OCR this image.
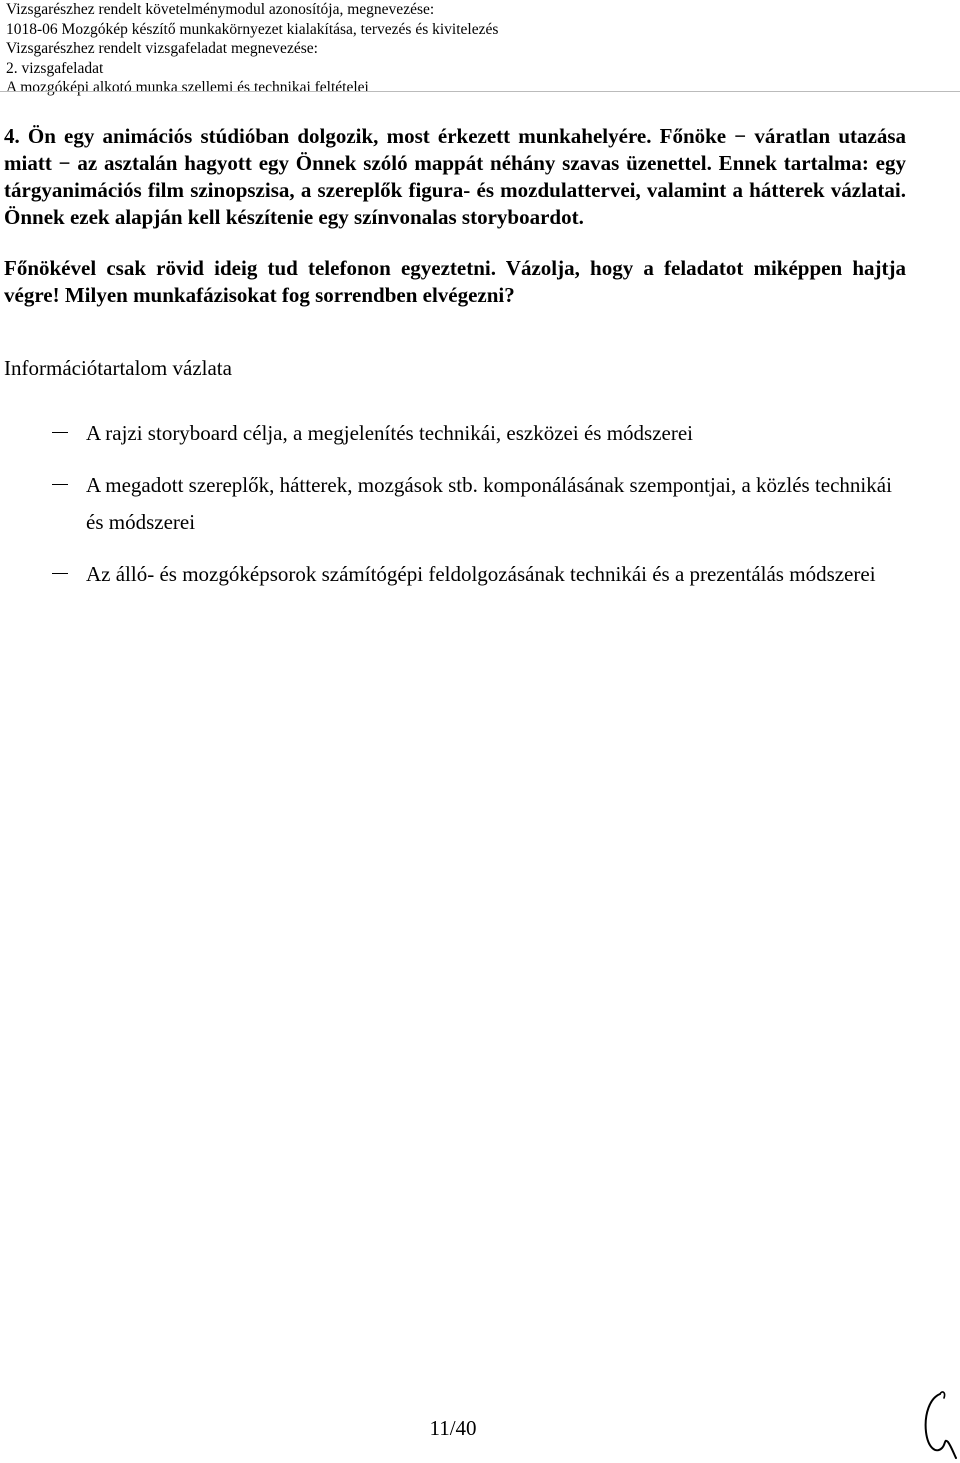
Vizsgarészhez rendelt követelménymodul azonosítója, megnevezése:
1018-06 Mozgókép készítő munkakörnyezet kialakítása, tervezés és kivitelezés
Vizsgarészhez rendelt vizsgafeladat megnevezése:
2. vizsgafeladat
A mozgóképi alkotó munka szellemi és technikai feltételei

4. Ön egy animációs stúdióban dolgozik, most érkezett munkahelyére. Főnöke − váratlan utazása miatt − az asztalán hagyott egy Önnek szóló mappát néhány szavas üzenettel. Ennek tartalma: egy tárgyanimációs film szinopszisa, a szereplők figura- és mozdulattervei, valamint a hátterek vázlatai. Önnek ezek alapján kell készítenie egy színvonalas storyboardot.

Főnökével csak rövid ideig tud telefonon egyeztetni. Vázolja, hogy a feladatot miképpen hajtja végre! Milyen munkafázisokat fog sorrendben elvégezni?

Információtartalom vázlata
A rajzi storyboard célja, a megjelenítés technikái, eszközei és módszerei
A megadott szereplők, hátterek, mozgások stb. komponálásának szempontjai, a közlés technikái és módszerei
Az álló- és mozgóképsorok számítógépi feldolgozásának technikái és a prezentálás módszerei
11/40
